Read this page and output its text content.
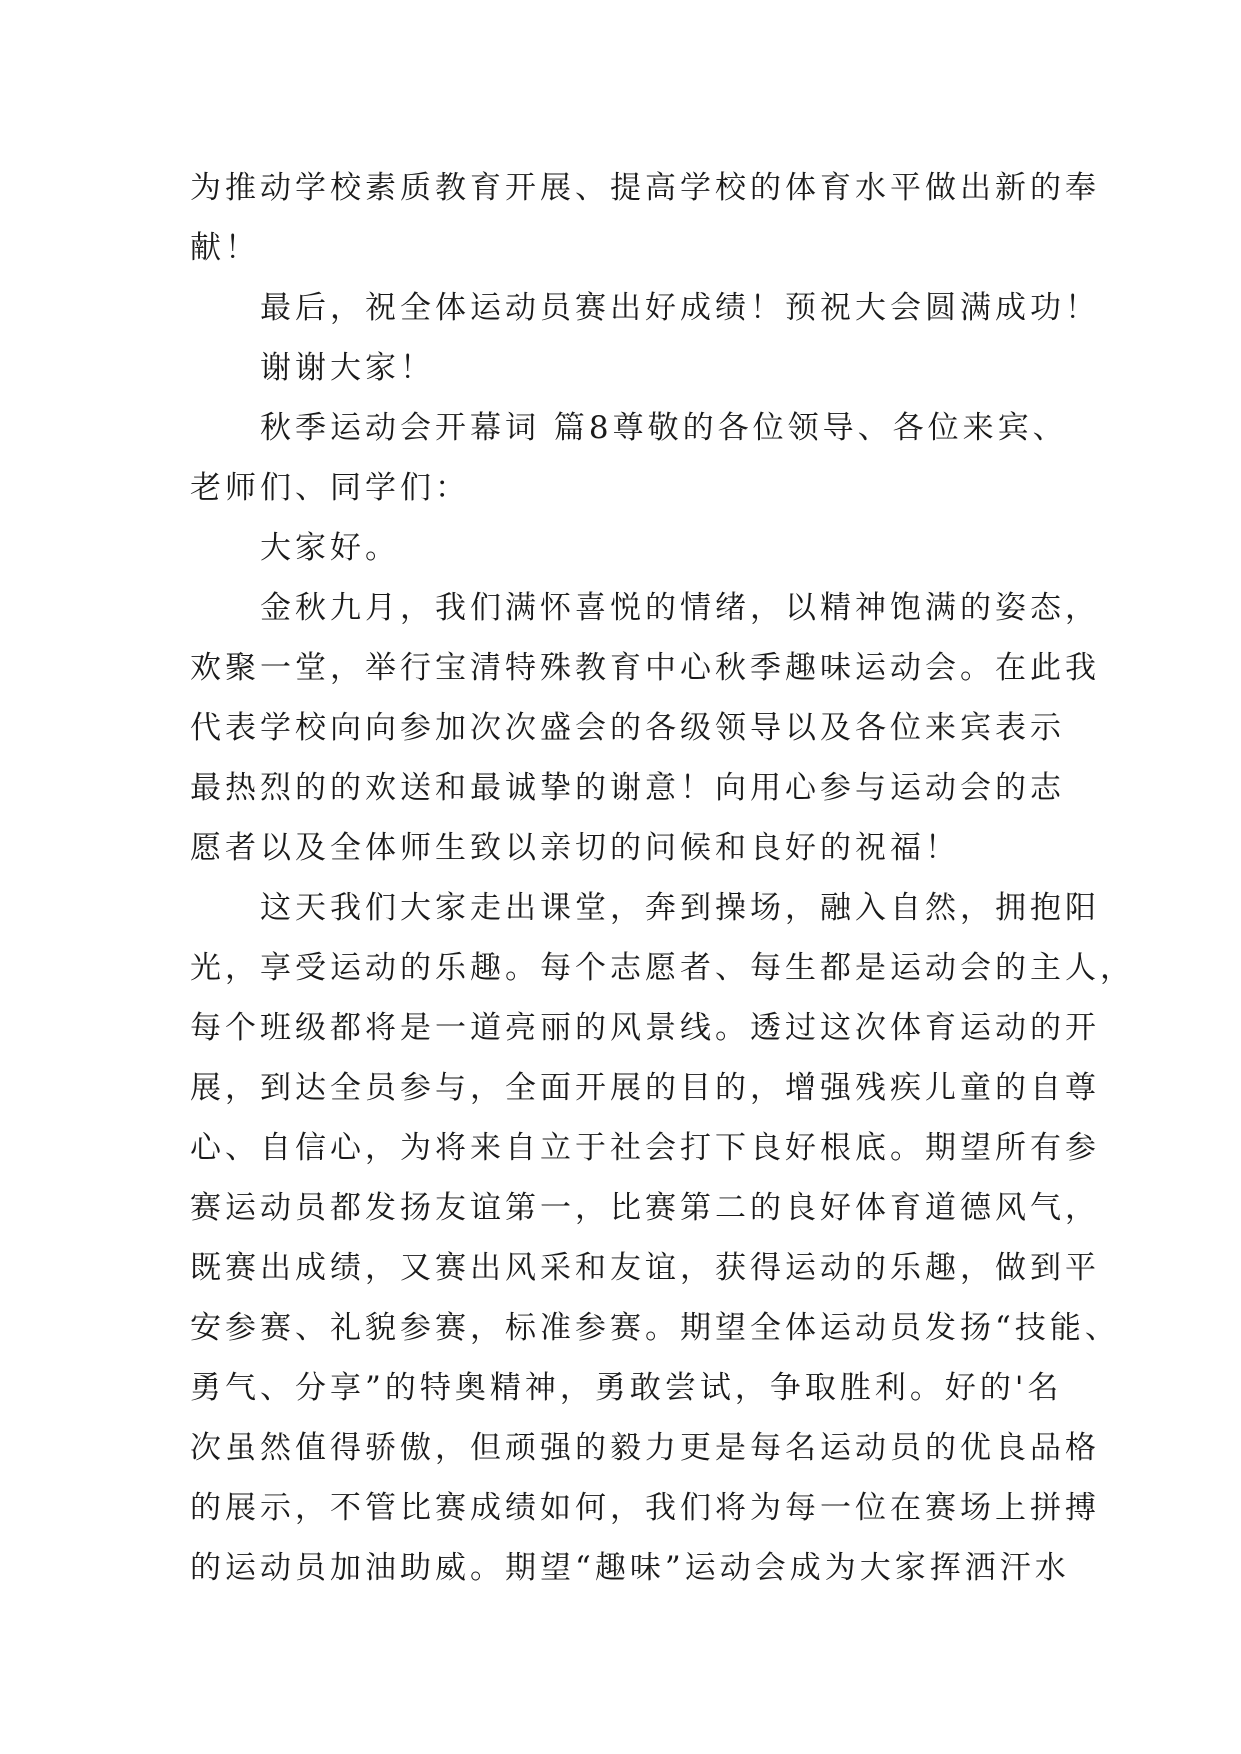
为推动学校素质教育开展、提高学校的体育水平做出新的奉
献！
最后，祝全体运动员赛出好成绩！预祝大会圆满成功！
谢谢大家！
秋季运动会开幕词 篇8尊敬的各位领导、各位来宾、
老师们、同学们：
大家好。
金秋九月，我们满怀喜悦的情绪，以精神饱满的姿态，
欢聚一堂，举行宝清特殊教育中心秋季趣味运动会。在此我
代表学校向向参加次次盛会的各级领导以及各位来宾表示
最热烈的的欢送和最诚挚的谢意！向用心参与运动会的志
愿者以及全体师生致以亲切的问候和良好的祝福！
这天我们大家走出课堂，奔到操场，融入自然，拥抱阳
光，享受运动的乐趣。每个志愿者、每生都是运动会的主人，
每个班级都将是一道亮丽的风景线。透过这次体育运动的开
展，到达全员参与，全面开展的目的，增强残疾儿童的自尊
心、自信心，为将来自立于社会打下良好根底。期望所有参
赛运动员都发扬友谊第一，比赛第二的良好体育道德风气，
既赛出成绩，又赛出风采和友谊，获得运动的乐趣，做到平
安参赛、礼貌参赛，标准参赛。期望全体运动员发扬“技能、
勇气、分享”的特奥精神，勇敢尝试，争取胜利。好的'名
次虽然值得骄傲，但顽强的毅力更是每名运动员的优良品格
的展示，不管比赛成绩如何，我们将为每一位在赛场上拼搏
的运动员加油助威。期望“趣味”运动会成为大家挥洒汗水
